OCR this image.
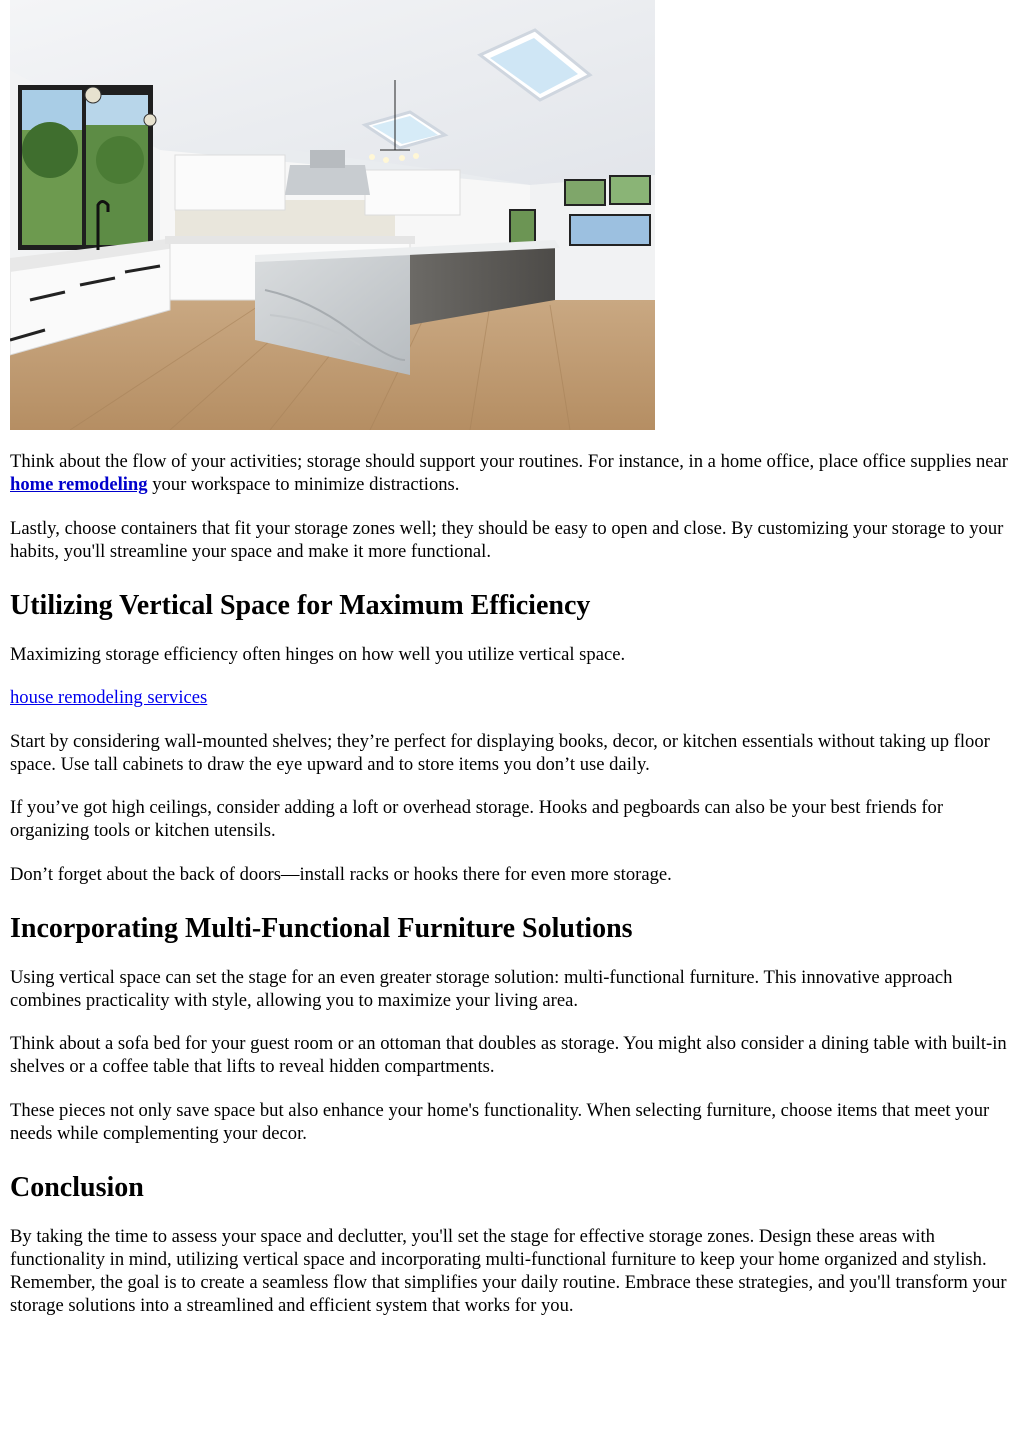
Think about the flow of your activities; storage should support your routines. For instance, in a home office, place office supplies near home remodeling your workspace to minimize distractions.

Lastly, choose containers that fit your storage zones well; they should be easy to open and close. By customizing your storage to your habits, you'll streamline your space and make it more functional.

Utilizing Vertical Space for Maximum Efficiency

Maximizing storage efficiency often hinges on how well you utilize vertical space.

house remodeling services

Start by considering wall-mounted shelves; they’re perfect for displaying books, decor, or kitchen essentials without taking up floor space. Use tall cabinets to draw the eye upward and to store items you don’t use daily.

If you’ve got high ceilings, consider adding a loft or overhead storage. Hooks and pegboards can also be your best friends for organizing tools or kitchen utensils.

Don’t forget about the back of doors—install racks or hooks there for even more storage.

Incorporating Multi-Functional Furniture Solutions

Using vertical space can set the stage for an even greater storage solution: multi-functional furniture. This innovative approach combines practicality with style, allowing you to maximize your living area.

Think about a sofa bed for your guest room or an ottoman that doubles as storage. You might also consider a dining table with built-in shelves or a coffee table that lifts to reveal hidden compartments.

These pieces not only save space but also enhance your home's functionality. When selecting furniture, choose items that meet your needs while complementing your decor.

Conclusion

By taking the time to assess your space and declutter, you'll set the stage for effective storage zones. Design these areas with functionality in mind, utilizing vertical space and incorporating multi-functional furniture to keep your home organized and stylish. Remember, the goal is to create a seamless flow that simplifies your daily routine. Embrace these strategies, and you'll transform your storage solutions into a streamlined and efficient system that works for you.
